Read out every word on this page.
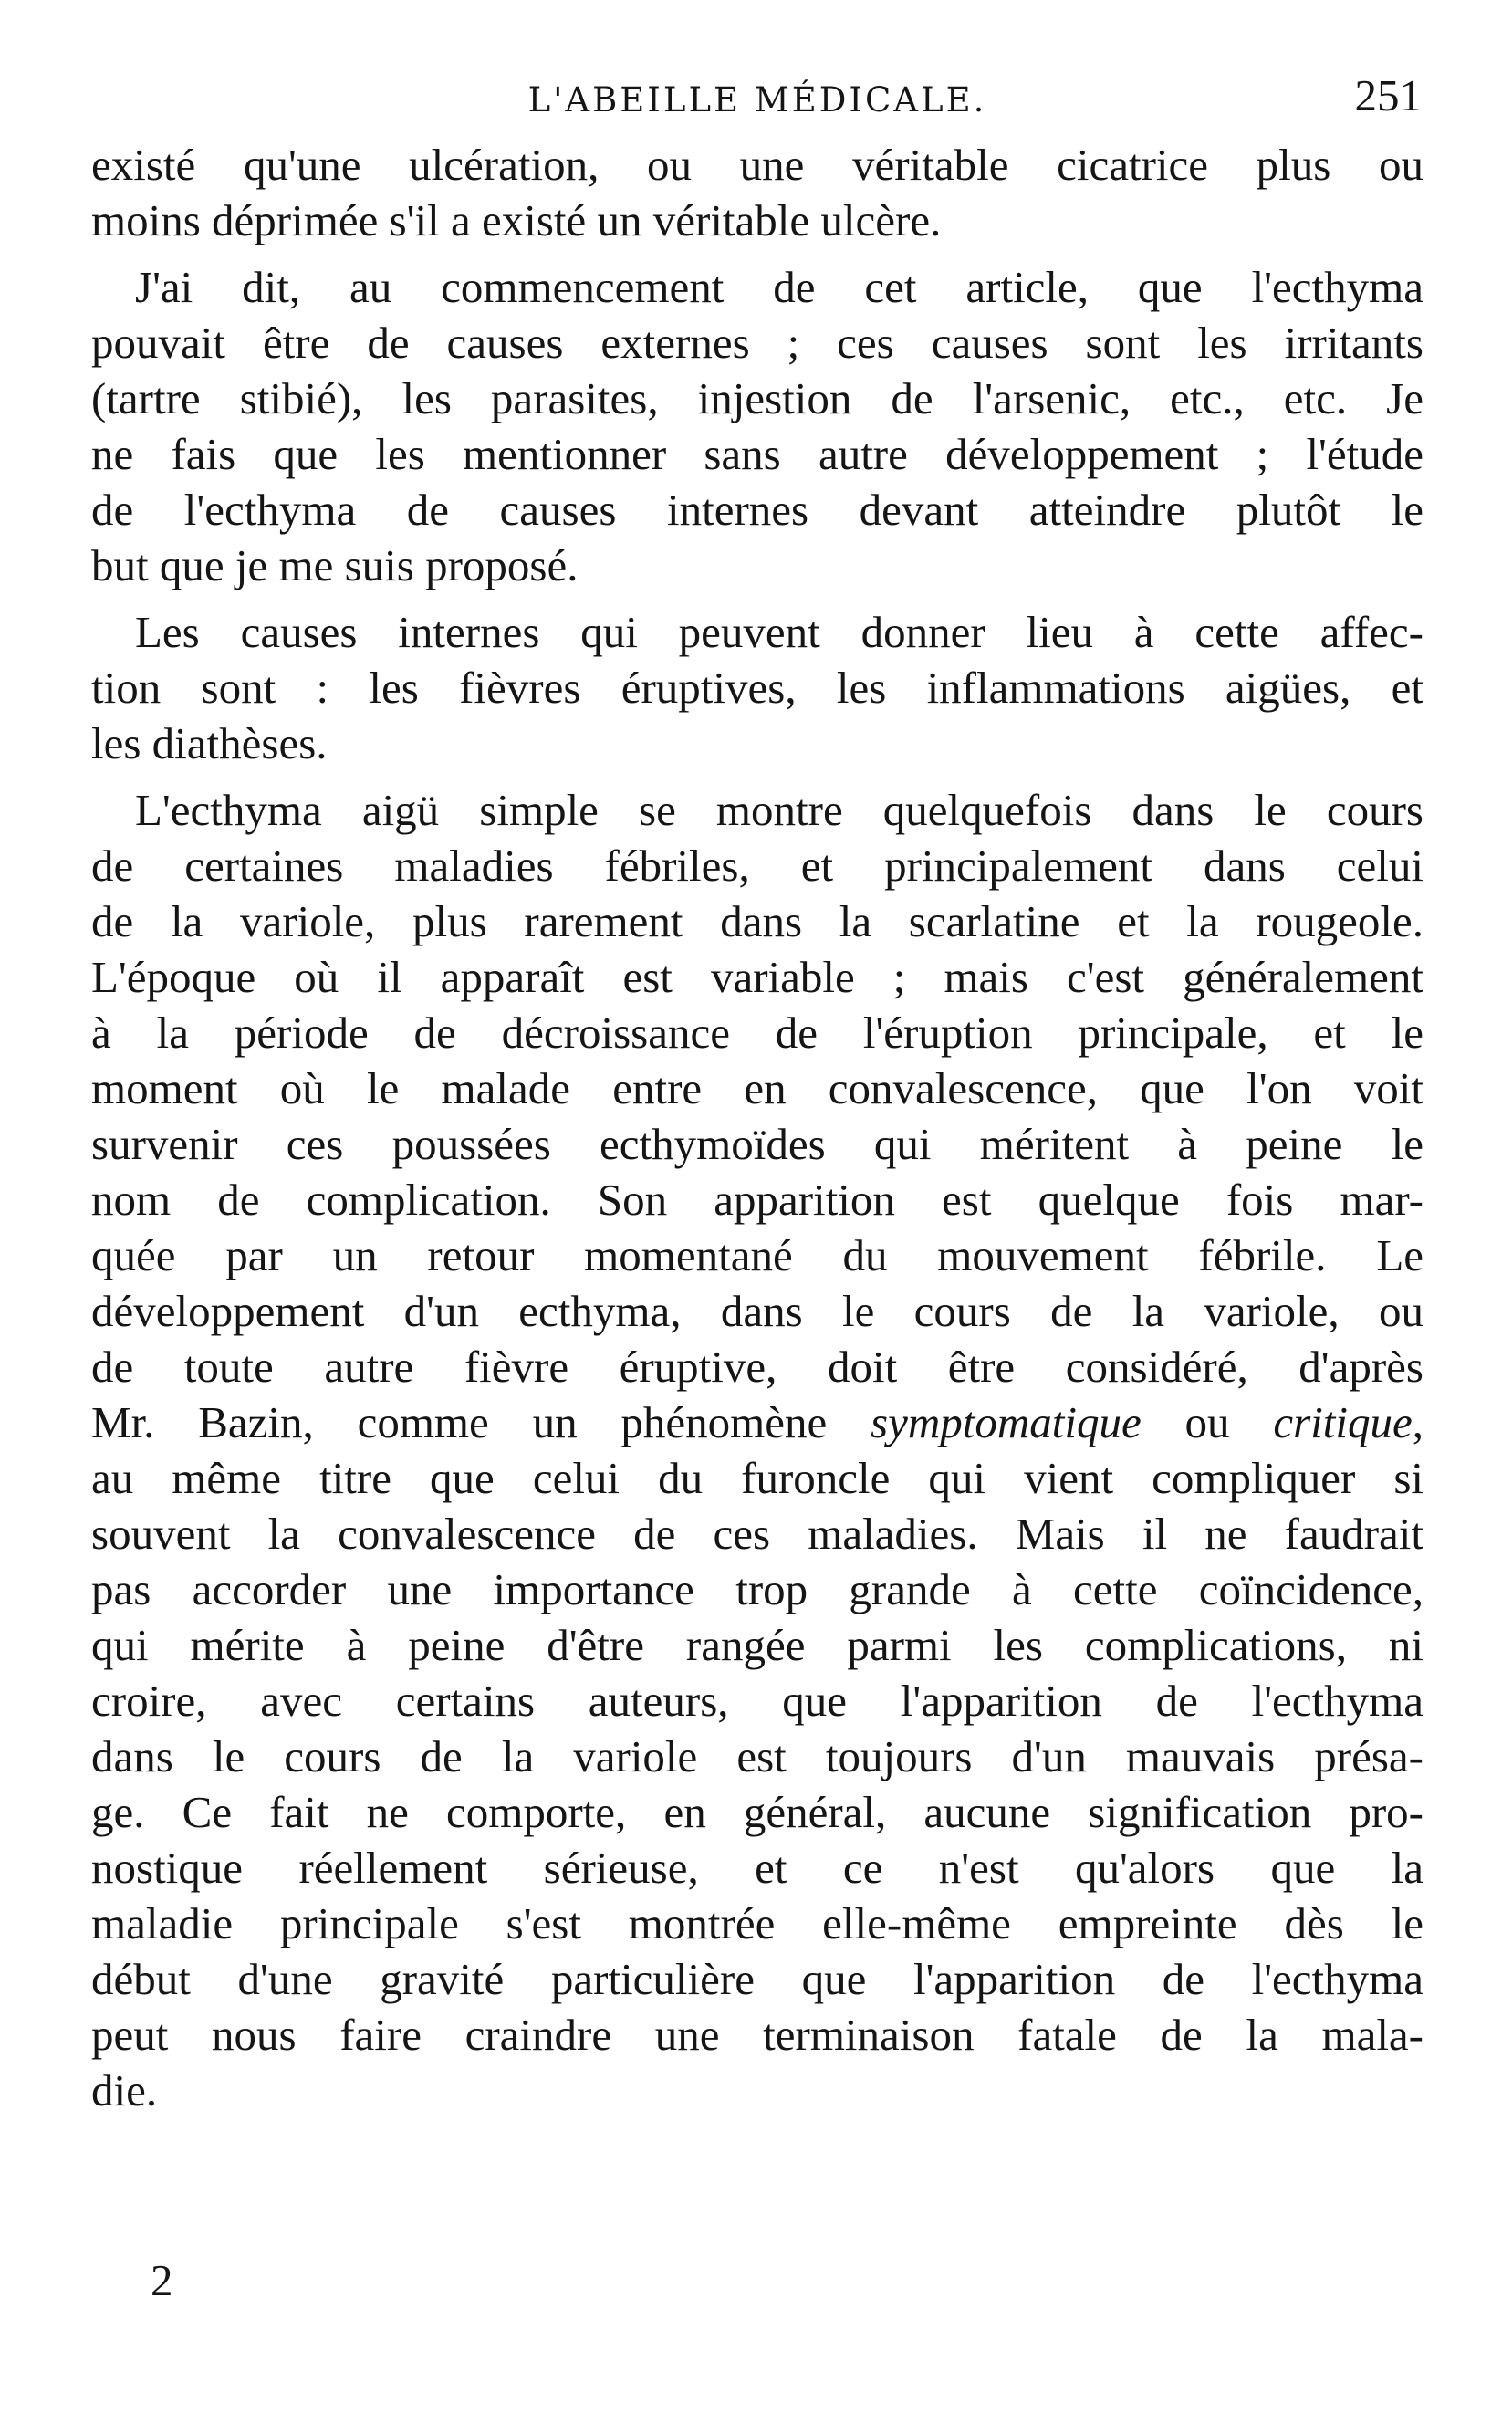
L'ABEILLE MÉDICALE.	251
existé qu'une ulcération, ou une véritable cicatrice plus ou
moins déprimée s'il a existé un véritable ulcère.
J'ai dit, au commencement de cet article, que l'ecthyma
pouvait être de causes externes ; ces causes sont les irritants
(tartre stibié), les parasites, injestion de l'arsenic, etc., etc. Je
ne fais que les mentionner sans autre développement ; l'étude
de l'ecthyma de causes internes devant atteindre plutôt le
but que je me suis proposé.
Les causes internes qui peuvent donner lieu à cette affec-
tion sont : les fièvres éruptives, les inflammations aigües, et
les diathèses.
L'ecthyma aigü simple se montre quelquefois dans le cours
de certaines maladies fébriles, et principalement dans celui
de la variole, plus rarement dans la scarlatine et la rougeole.
L'époque où il apparaît est variable ; mais c'est généralement
à la période de décroissance de l'éruption principale, et le
moment où le malade entre en convalescence, que l'on voit
survenir ces poussées ecthymoïdes qui méritent à peine le
nom de complication. Son apparition est quelque fois mar-
quée par un retour momentané du mouvement fébrile. Le
développement d'un ecthyma, dans le cours de la variole, ou
de toute autre fièvre éruptive, doit être considéré, d'après
Mr. Bazin, comme un phénomène symptomatique ou critique,
au même titre que celui du furoncle qui vient compliquer si
souvent la convalescence de ces maladies. Mais il ne faudrait
pas accorder une importance trop grande à cette coïncidence,
qui mérite à peine d'être rangée parmi les complications, ni
croire, avec certains auteurs, que l'apparition de l'ecthyma
dans le cours de la variole est toujours d'un mauvais présa-
ge. Ce fait ne comporte, en général, aucune signification pro-
nostique réellement sérieuse, et ce n'est qu'alors que la
maladie principale s'est montrée elle-même empreinte dès le
début d'une gravité particulière que l'apparition de l'ecthyma
peut nous faire craindre une terminaison fatale de la mala-
die.
2
